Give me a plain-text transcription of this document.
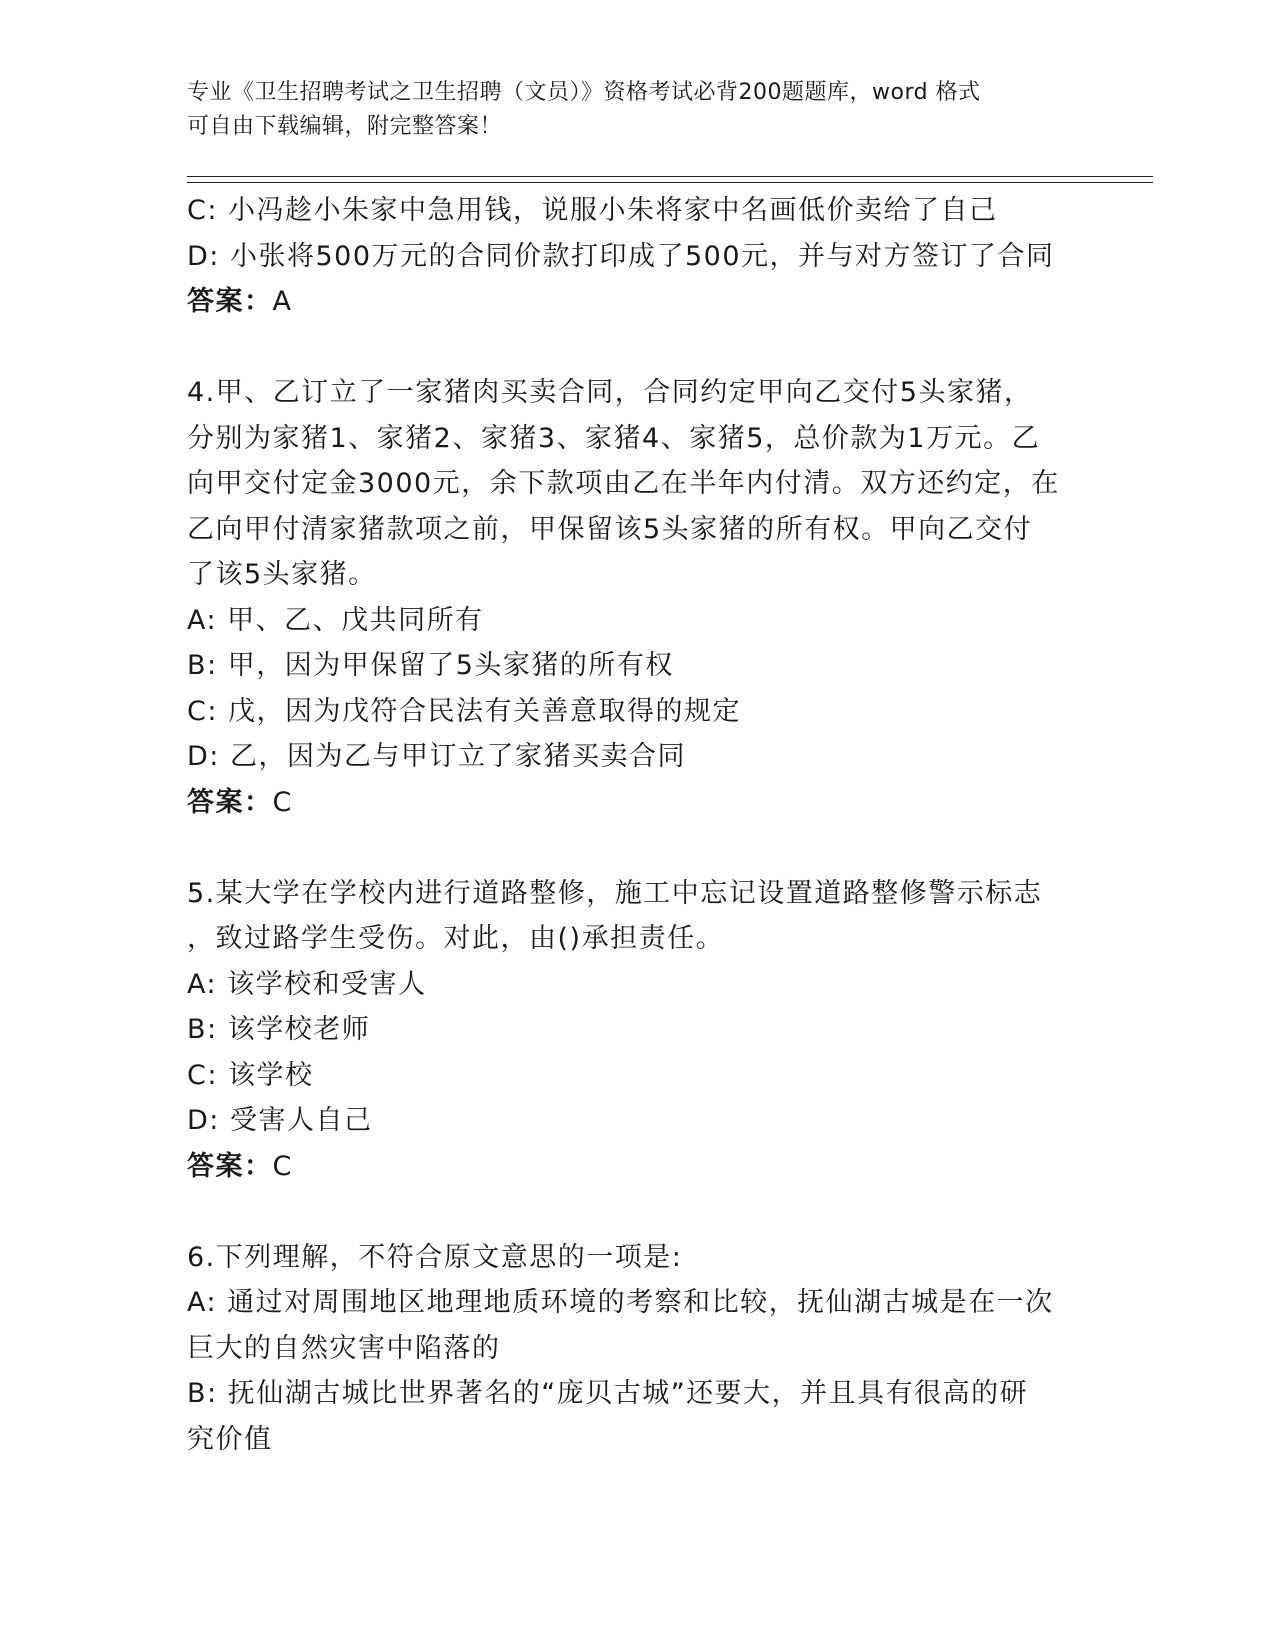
专业《卫生招聘考试之卫生招聘（文员）》资格考试必背200题题库，word 格式
可自由下载编辑，附完整答案！

C: 小冯趁小朱家中急用钱，说服小朱将家中名画低价卖给了自己

D: 小张将500万元的合同价款打印成了500元，并与对方签订了合同

答案：A

4.甲、乙订立了一家猪肉买卖合同，合同约定甲向乙交付5头家猪，

分别为家猪1、家猪2、家猪3、家猪4、家猪5，总价款为1万元。乙

向甲交付定金3000元，余下款项由乙在半年内付清。双方还约定，在

乙向甲付清家猪款项之前，甲保留该5头家猪的所有权。甲向乙交付

了该5头家猪。

A: 甲、乙、戊共同所有

B: 甲，因为甲保留了5头家猪的所有权

C: 戊，因为戊符合民法有关善意取得的规定

D: 乙，因为乙与甲订立了家猪买卖合同

答案：C

5.某大学在学校内进行道路整修，施工中忘记设置道路整修警示标志

，致过路学生受伤。对此，由()承担责任。

A: 该学校和受害人

B: 该学校老师

C: 该学校

D: 受害人自己

答案：C

6.下列理解，不符合原文意思的一项是:

A: 通过对周围地区地理地质环境的考察和比较，抚仙湖古城是在一次

巨大的自然灾害中陷落的

B: 抚仙湖古城比世界著名的“庞贝古城”还要大，并且具有很高的研

究价值
